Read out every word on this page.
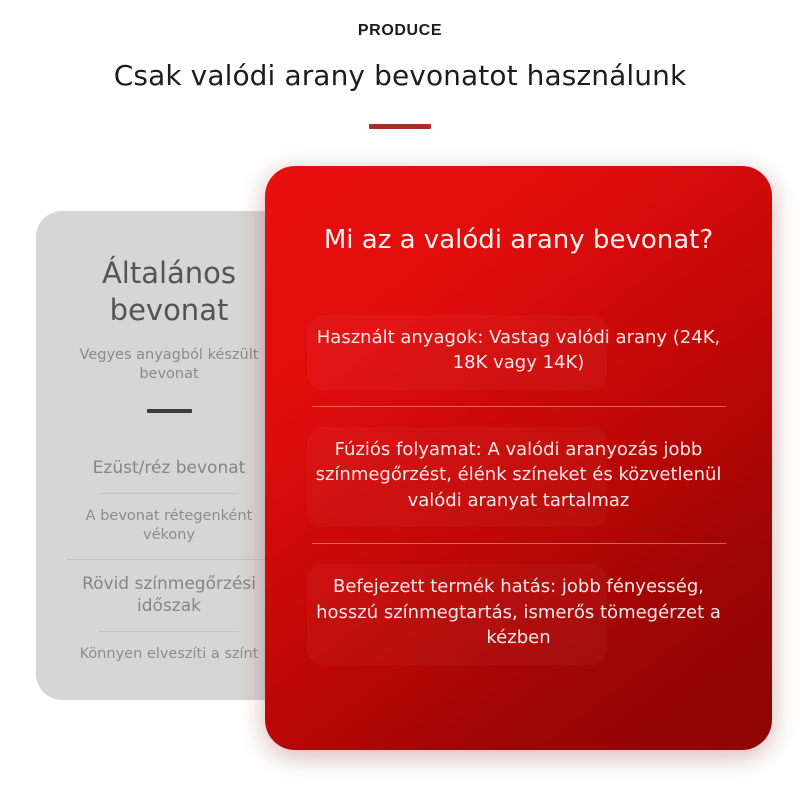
PRODUCE

Csak valódi arany bevonatot használunk
Általános bevonat

Vegyes anyagból készült bevonat

Ezüst/réz bevonat
A bevonat rétegenként vékony
Rövid színmegőrzési időszak
Könnyen elveszíti a színt
Mi az a valódi arany bevonat?
Használt anyagok: Vastag valódi arany (24K, 18K vagy 14K)
Fúziós folyamat: A valódi aranyozás jobb színmegőrzést, élénk színeket és közvetlenül valódi aranyat tartalmaz
Befejezett termék hatás: jobb fényesség, hosszú színmegtartás, ismerős tömegérzet a kézben
